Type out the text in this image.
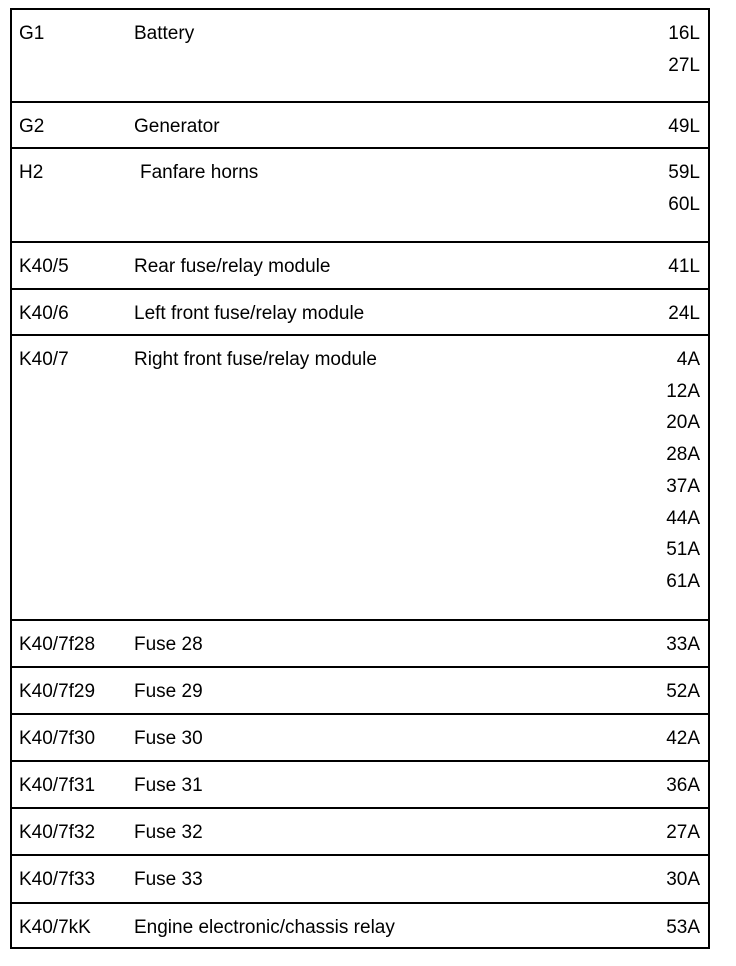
G1	Battery	16L
27L
G2	Generator	49L
H2	Fanfare horns	59L
60L
K40/5	Rear fuse/relay module	41L
K40/6	Left front fuse/relay module	24L
K40/7	Right front fuse/relay module	4A
12A
20A
28A
37A
44A
51A
61A
K40/7f28 Fuse 28	33A
K40/7f29 Fuse 29	52A
K40/7f30 Fuse 30	42A
K40/7f31 Fuse 31	36A
K40/7f32 Fuse 32	27A
K40/7f33 Fuse 33	30A
K40/7kK Engine electronic/chassis relay	53A
